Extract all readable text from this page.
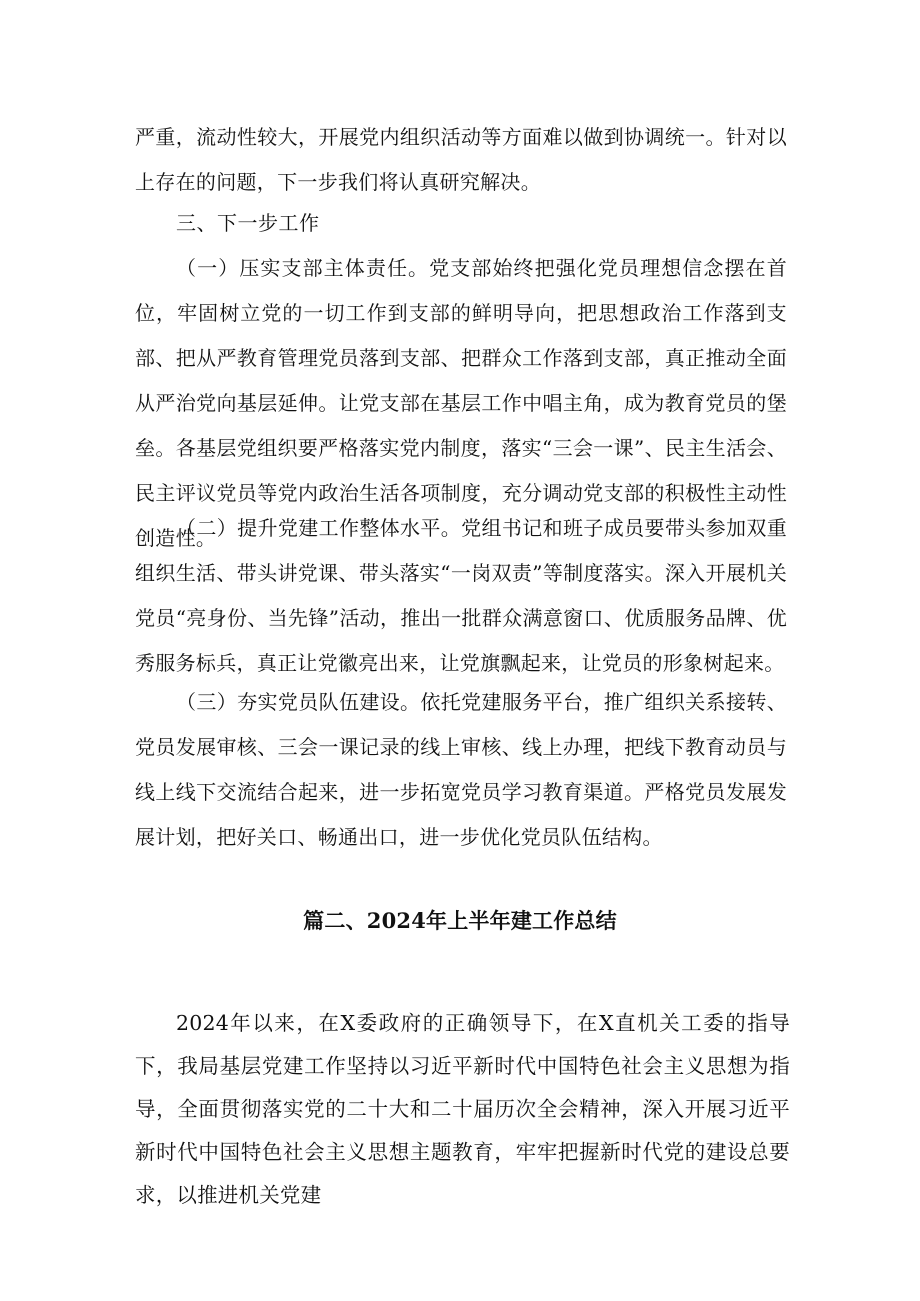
严重，流动性较大，开展党内组织活动等方面难以做到协调统一。针对以上存在的问题，下一步我们将认真研究解决。

三、下一步工作

（一）压实支部主体责任。党支部始终把强化党员理想信念摆在首位，牢固树立党的一切工作到支部的鲜明导向，把思想政治工作落到支部、把从严教育管理党员落到支部、把群众工作落到支部，真正推动全面从严治党向基层延伸。让党支部在基层工作中唱主角，成为教育党员的堡垒。各基层党组织要严格落实党内制度，落实“三会一课”、民主生活会、民主评议党员等党内政治生活各项制度，充分调动党支部的积极性主动性创造性。

（二）提升党建工作整体水平。党组书记和班子成员要带头参加双重组织生活、带头讲党课、带头落实“一岗双责”等制度落实。深入开展机关党员“亮身份、当先锋”活动，推出一批群众满意窗口、优质服务品牌、优秀服务标兵，真正让党徽亮出来，让党旗飘起来，让党员的形象树起来。

（三）夯实党员队伍建设。依托党建服务平台，推广组织关系接转、党员发展审核、三会一课记录的线上审核、线上办理，把线下教育动员与线上线下交流结合起来，进一步拓宽党员学习教育渠道。严格党员发展发展计划，把好关口、畅通出口，进一步优化党员队伍结构。

篇二、2024年上半年建工作总结

2024年以来，在X委政府的正确领导下，在X直机关工委的指导下，我局基层党建工作坚持以习近平新时代中国特色社会主义思想为指导，全面贯彻落实党的二十大和二十届历次全会精神，深入开展习近平新时代中国特色社会主义思想主题教育，牢牢把握新时代党的建设总要求，以推进机关党建
